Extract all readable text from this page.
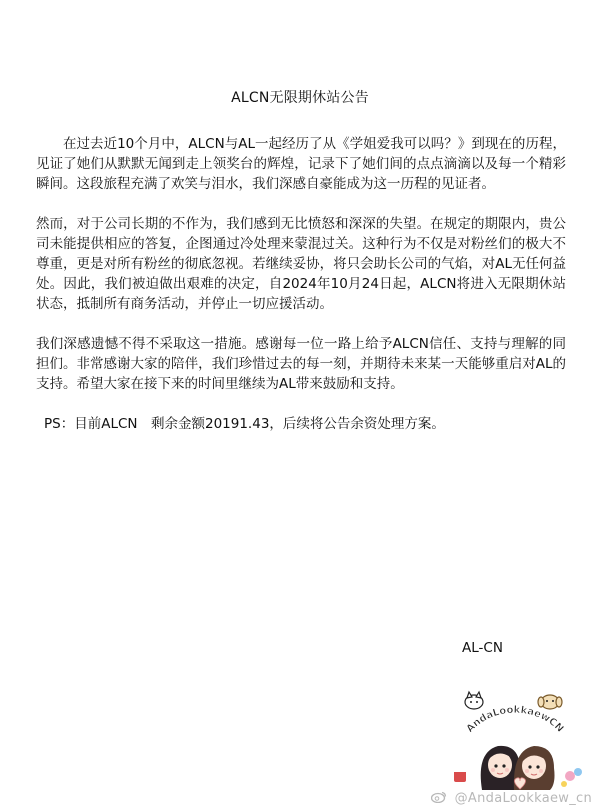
ALCN无限期休站公告

在过去近10个月中，ALCN与AL一起经历了从《学姐爱我可以吗？》到现在的历程，见证了她们从默默无闻到走上领奖台的辉煌，记录下了她们间的点点滴滴以及每一个精彩瞬间。这段旅程充满了欢笑与泪水，我们深感自豪能成为这一历程的见证者。

然而，对于公司长期的不作为，我们感到无比愤怒和深深的失望。在规定的期限内，贵公司未能提供相应的答复，企图通过冷处理来蒙混过关。这种行为不仅是对粉丝们的极大不尊重，更是对所有粉丝的彻底忽视。若继续妥协，将只会助长公司的气焰，对AL无任何益处。因此，我们被迫做出艰难的决定，自2024年10月24日起，ALCN将进入无限期休站状态，抵制所有商务活动，并停止一切应援活动。

我们深感遗憾不得不采取这一措施。感谢每一位一路上给予ALCN信任、支持与理解的同担们。非常感谢大家的陪伴，我们珍惜过去的每一刻，并期待未来某一天能够重启对AL的支持。希望大家在接下来的时间里继续为AL带来鼓励和支持。

PS：目前ALCN　剩余金额20191.43，后续将公告余资处理方案。

AL-CN
AndaLookkaewCN
@AndaLookkaew_cn
